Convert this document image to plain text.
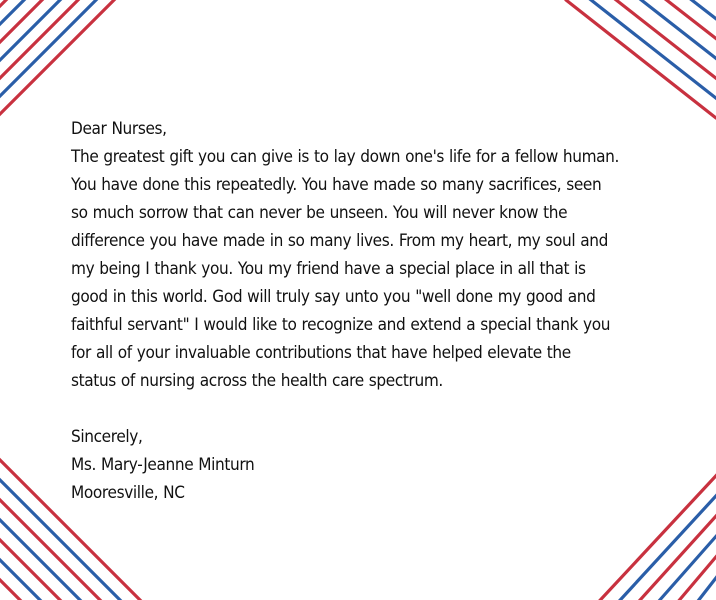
Dear Nurses,

The greatest gift you can give is to lay down one's life for a fellow human. You have done this repeatedly. You have made so many sacrifices, seen so much sorrow that can never be unseen. You will never know the difference you have made in so many lives. From my heart, my soul and my being I thank you. You my friend have a special place in all that is good in this world. God will truly say unto you "well done my good and faithful servant" I would like to recognize and extend a special thank you for all of your invaluable contributions that have helped elevate the status of nursing across the health care spectrum.

Sincerely,
Ms. Mary-Jeanne Minturn
Mooresville, NC
